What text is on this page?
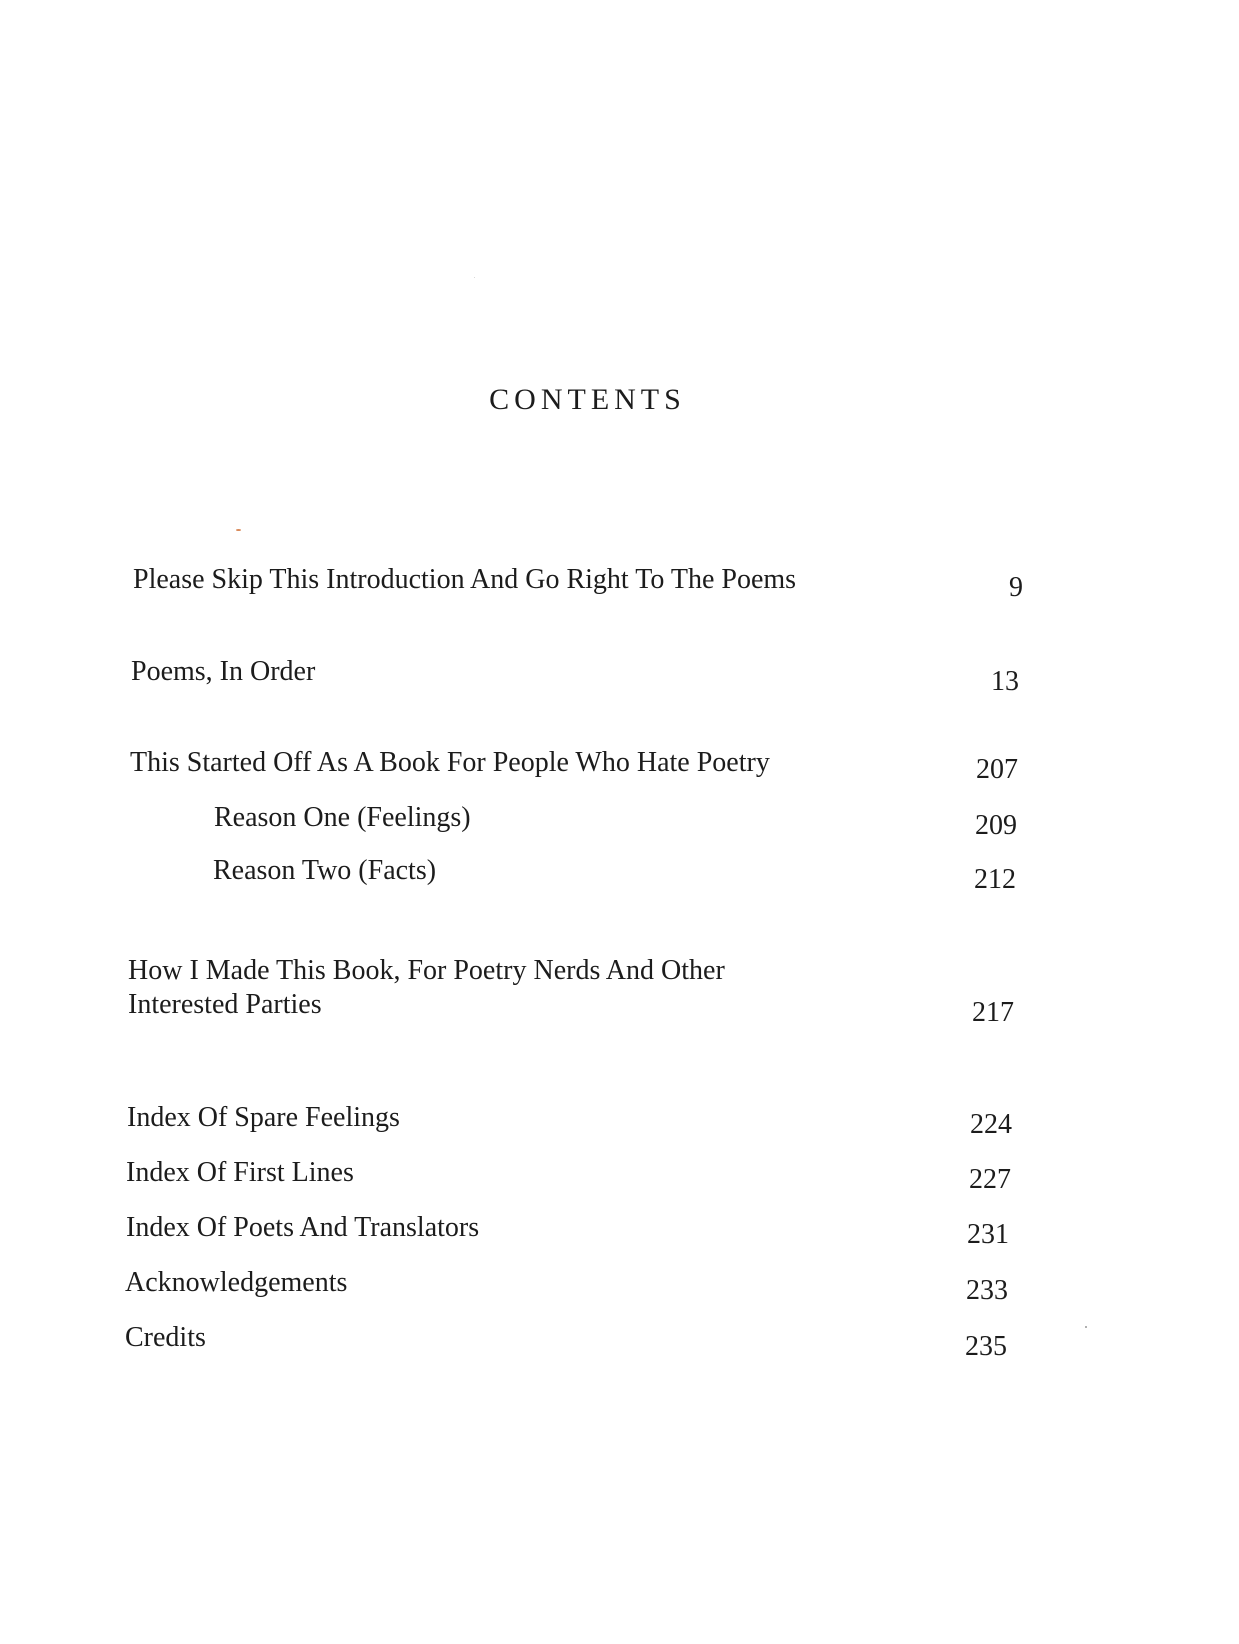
CONTENTS
Please Skip This Introduction And Go Right To The Poems	9
Poems, In Order	13
This Started Off As A Book For People Who Hate Poetry	207
Reason One (Feelings)	209
Reason Two (Facts)	212
How I Made This Book, For Poetry Nerds And Other
Interested Parties	217
Index Of Spare Feelings	224
Index Of First Lines	227
Index Of Poets And Translators	231
Acknowledgements	233
Credits	235
